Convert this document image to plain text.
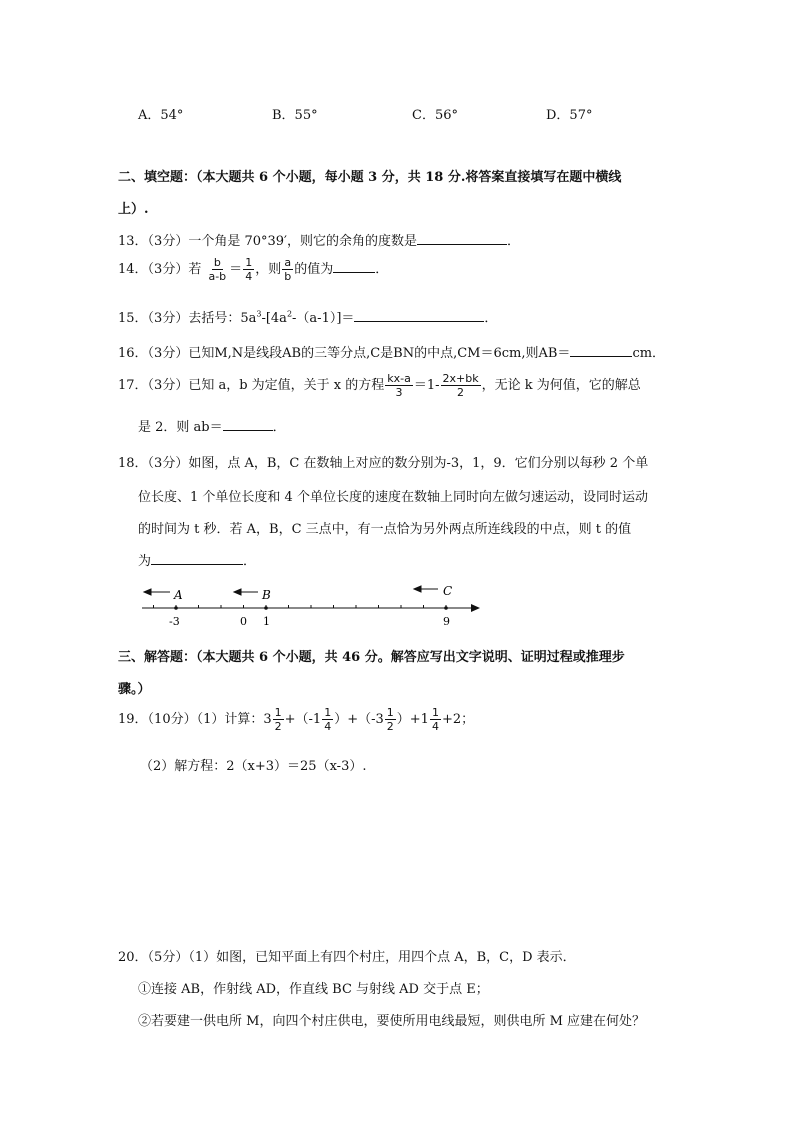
A．54°	B．55°	C．56°	D．57°
二、填空题：（本大题共 6 个小题，每小题 3 分，共 18 分.将答案直接填写在题中横线
上）.
13．（3分）一个角是 70°39′，则它的余角的度数是	．
14．（3分）若 $\frac{b}{a-b} = \frac{1}{4}$ ，则 $\frac{a}{b}$ 的值为	．
15．（3分）去括号：$5a^3-[4a^2-(a-1)]=$	．
16．（3分）已知M,N是线段AB的三等分点,C是BN的中点,CM＝6cm,则AB＝	cm．
17．（3分）已知 a，b 为定值，关于 x 的方程 $\frac{kx-a}{3} =1- \frac{2x+bk}{2}$ ，无论 k 为何值，它的解总
是 2．则 ab＝	．
18．（3分）如图，点 A，B，C 在数轴上对应的数分别为-3，1，9．它们分别以每秒 2 个单
位长度、1 个单位长度和 4 个单位长度的速度在数轴上同时向左做匀速运动，设同时运动
的时间为 t 秒．若 A，B，C 三点中，有一点恰为另外两点所连线段的中点，则 t 的值
为	．
A	B	C
-3	0 1	9
三、解答题：（本大题共 6 个小题，共 46 分。解答应写出文字说明、证明过程或推理步
骤。）
19．（10分）（1）计算：$3 \frac{1}{2} +(-1 \frac{1}{4} )+(-3 \frac{1}{2} )+1 \frac{1}{4} +2$；
（2）解方程：2（x+3）＝25（x-3）.
20．（5分）（1）如图，已知平面上有四个村庄，用四个点 A，B，C，D 表示．
①连接 AB，作射线 AD，作直线 BC 与射线 AD 交于点 E；
②若要建一供电所 M，向四个村庄供电，要使所用电线最短，则供电所 M 应建在何处？
